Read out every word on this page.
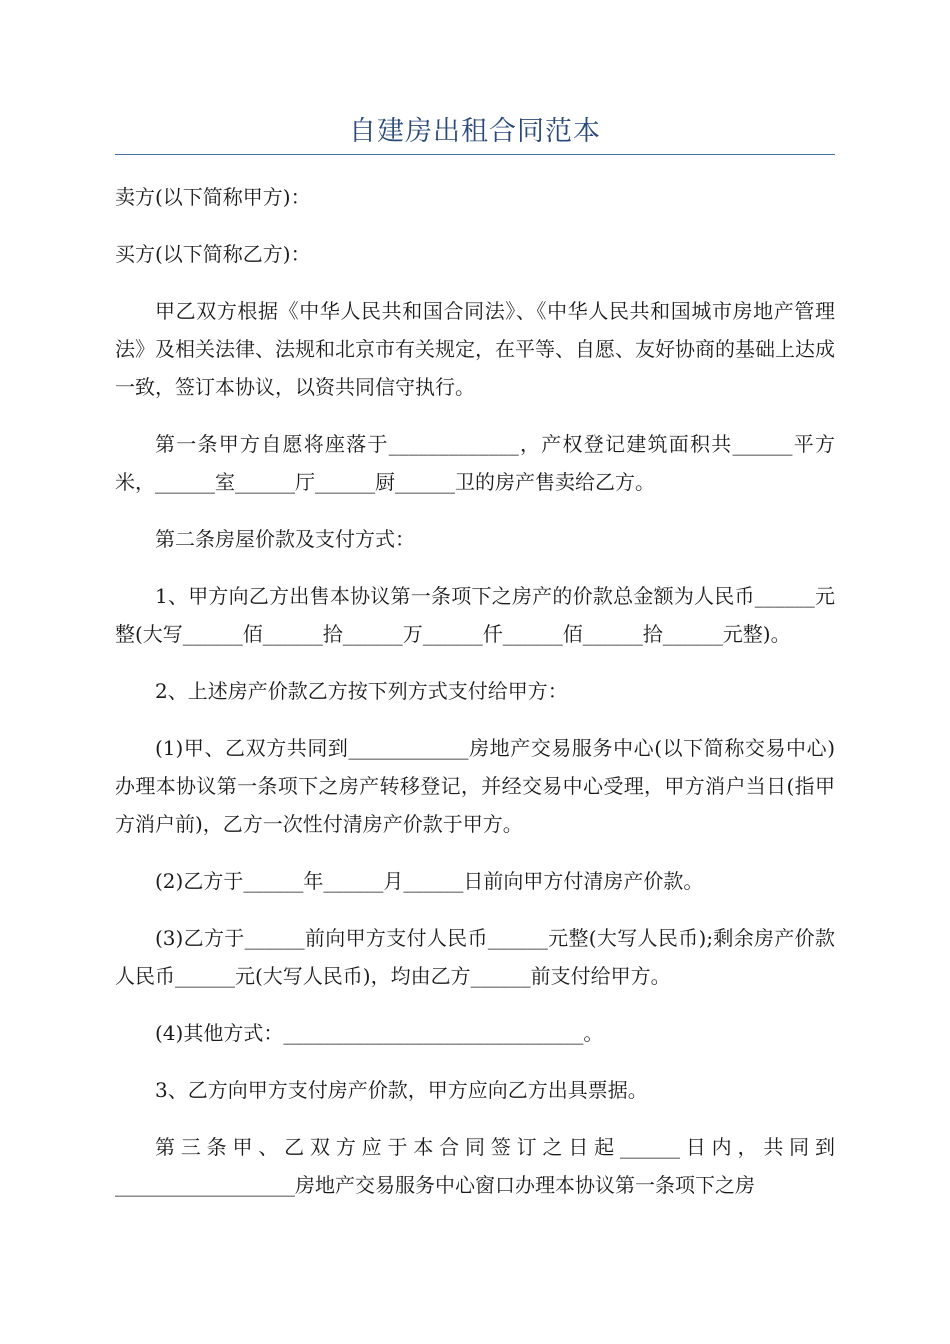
自建房出租合同范本

卖方(以下简称甲方)：

买方(以下简称乙方)：

甲乙双方根据《中华人民共和国合同法》、《中华人民共和国城市房地产管理法》及相关法律、法规和北京市有关规定，在平等、自愿、友好协商的基础上达成一致，签订本协议，以资共同信守执行。

第一条甲方自愿将座落于_____________，产权登记建筑面积共______平方米，______室______厅______厨______卫的房产售卖给乙方。

第二条房屋价款及支付方式：

1、甲方向乙方出售本协议第一条项下之房产的价款总金额为人民币______元整(大写______佰______拾______万______仟______佰______拾______元整)。

2、上述房产价款乙方按下列方式支付给甲方：

(1)甲、乙双方共同到____________房地产交易服务中心(以下简称交易中心)办理本协议第一条项下之房产转移登记，并经交易中心受理，甲方消户当日(指甲方消户前)，乙方一次性付清房产价款于甲方。

(2)乙方于______年______月______日前向甲方付清房产价款。

(3)乙方于______前向甲方支付人民币______元整(大写人民币);剩余房产价款人民币______元(大写人民币)，均由乙方______前支付给甲方。

(4)其他方式：______________________________。

3、乙方向甲方支付房产价款，甲方应向乙方出具票据。

第三条甲、乙双方应于本合同签订之日起______日内，共同到__________________房地产交易服务中心窗口办理本协议第一条项下之房
